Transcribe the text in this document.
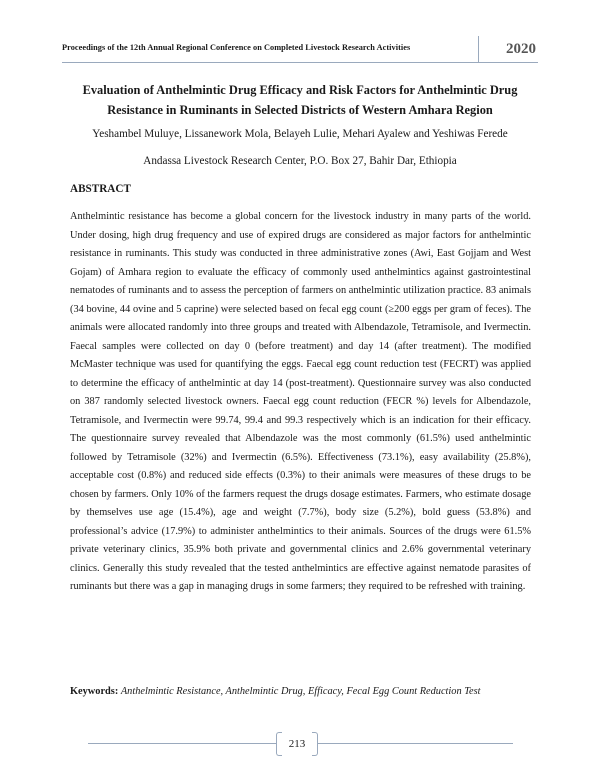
Proceedings of the 12th Annual Regional Conference on Completed Livestock Research Activities	2020
Evaluation of Anthelmintic Drug Efficacy and Risk Factors for Anthelmintic Drug
Resistance in Ruminants in Selected Districts of Western Amhara Region
Yeshambel Muluye, Lissanework Mola, Belayeh Lulie, Mehari Ayalew and Yeshiwas Ferede
Andassa Livestock Research Center, P.O. Box 27, Bahir Dar, Ethiopia
ABSTRACT
Anthelmintic resistance has become a global concern for the livestock industry in many parts of the world. Under dosing, high drug frequency and use of expired drugs are considered as major factors for anthelmintic resistance in ruminants. This study was conducted in three administrative zones (Awi, East Gojjam and West Gojam) of Amhara region to evaluate the efficacy of commonly used anthelmintics against gastrointestinal nematodes of ruminants and to assess the perception of farmers on anthelmintic utilization practice. 83 animals (34 bovine, 44 ovine and 5 caprine) were selected based on fecal egg count (≥200 eggs per gram of feces). The animals were allocated randomly into three groups and treated with Albendazole, Tetramisole, and Ivermectin. Faecal samples were collected on day 0 (before treatment) and day 14 (after treatment). The modified McMaster technique was used for quantifying the eggs. Faecal egg count reduction test (FECRT) was applied to determine the efficacy of anthelmintic at day 14 (post-treatment). Questionnaire survey was also conducted on 387 randomly selected livestock owners. Faecal egg count reduction (FECR %) levels for Albendazole, Tetramisole, and Ivermectin were 99.74, 99.4 and 99.3 respectively which is an indication for their efficacy. The questionnaire survey revealed that Albendazole was the most commonly (61.5%) used anthelmintic followed by Tetramisole (32%) and Ivermectin (6.5%). Effectiveness (73.1%), easy availability (25.8%), acceptable cost (0.8%) and reduced side effects (0.3%) to their animals were measures of these drugs to be chosen by farmers. Only 10% of the farmers request the drugs dosage estimates. Farmers, who estimate dosage by themselves use age (15.4%), age and weight (7.7%), body size (5.2%), bold guess (53.8%) and professional’s advice (17.9%) to administer anthelmintics to their animals. Sources of the drugs were 61.5% private veterinary clinics, 35.9% both private and governmental clinics and 2.6% governmental veterinary clinics. Generally this study revealed that the tested anthelmintics are effective against nematode parasites of ruminants but there was a gap in managing drugs in some farmers; they required to be refreshed with training.
Keywords: Anthelmintic Resistance, Anthelmintic Drug, Efficacy, Fecal Egg Count Reduction Test
213
